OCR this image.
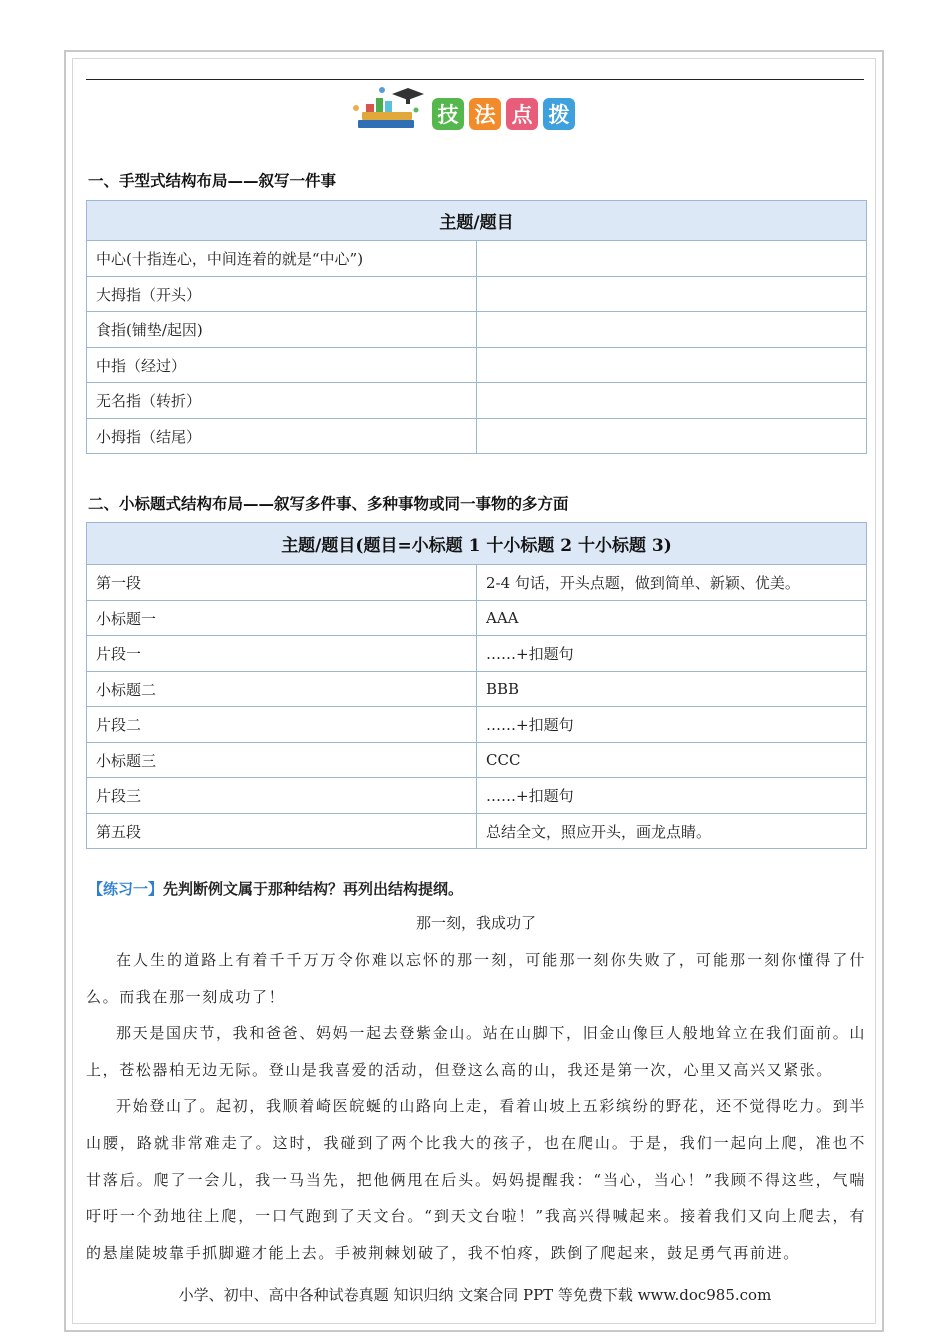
技 法 点 拨
一、手型式结构布局——叙写一件事
主题/题目	
中心(十指连心，中间连着的就是“中心”)	
大拇指（开头）	
食指(铺垫/起因)	
中指（经过）	
无名指（转折）	
小拇指（结尾）	
二、小标题式结构布局——叙写多件事、多种事物或同一事物的多方面
主题/题目(题目=小标题 1 十小标题 2 十小标题 3)	
第一段	2-4 句话，开头点题，做到简单、新颖、优美。
小标题一	AAA
片段一	……+扣题句
小标题二	BBB
片段二	……+扣题句
小标题三	CCC
片段三	……+扣题句
第五段	总结全文，照应开头，画龙点睛。
【练习一】先判断例文属于那种结构？再列出结构提纲。
那一刻，我成功了

在人生的道路上有着千千万万令你难以忘怀的那一刻，可能那一刻你失败了，可能那一刻你懂得了什么。而我在那一刻成功了！

那天是国庆节，我和爸爸、妈妈一起去登紫金山。站在山脚下，旧金山像巨人般地耸立在我们面前。山上，苍松器柏无边无际。登山是我喜爱的活动，但登这么高的山，我还是第一次，心里又高兴又紧张。

开始登山了。起初，我顺着崎医皖蜒的山路向上走，看着山坡上五彩缤纷的野花，还不觉得吃力。到半山腰，路就非常难走了。这时，我碰到了两个比我大的孩子，也在爬山。于是，我们一起向上爬，准也不甘落后。爬了一会儿，我一马当先，把他俩甩在后头。妈妈提醒我：“当心，当心！”我顾不得这些，气喘吁吁一个劲地往上爬，一口气跑到了天文台。“到天文台啦！”我高兴得喊起来。接着我们又向上爬去，有的悬崖陡坡靠手抓脚避才能上去。手被荆棘划破了，我不怕疼，跌倒了爬起来，鼓足勇气再前进。

小学、初中、高中各种试卷真题 知识归纳 文案合同 PPT 等免费下载 www.doc985.com
